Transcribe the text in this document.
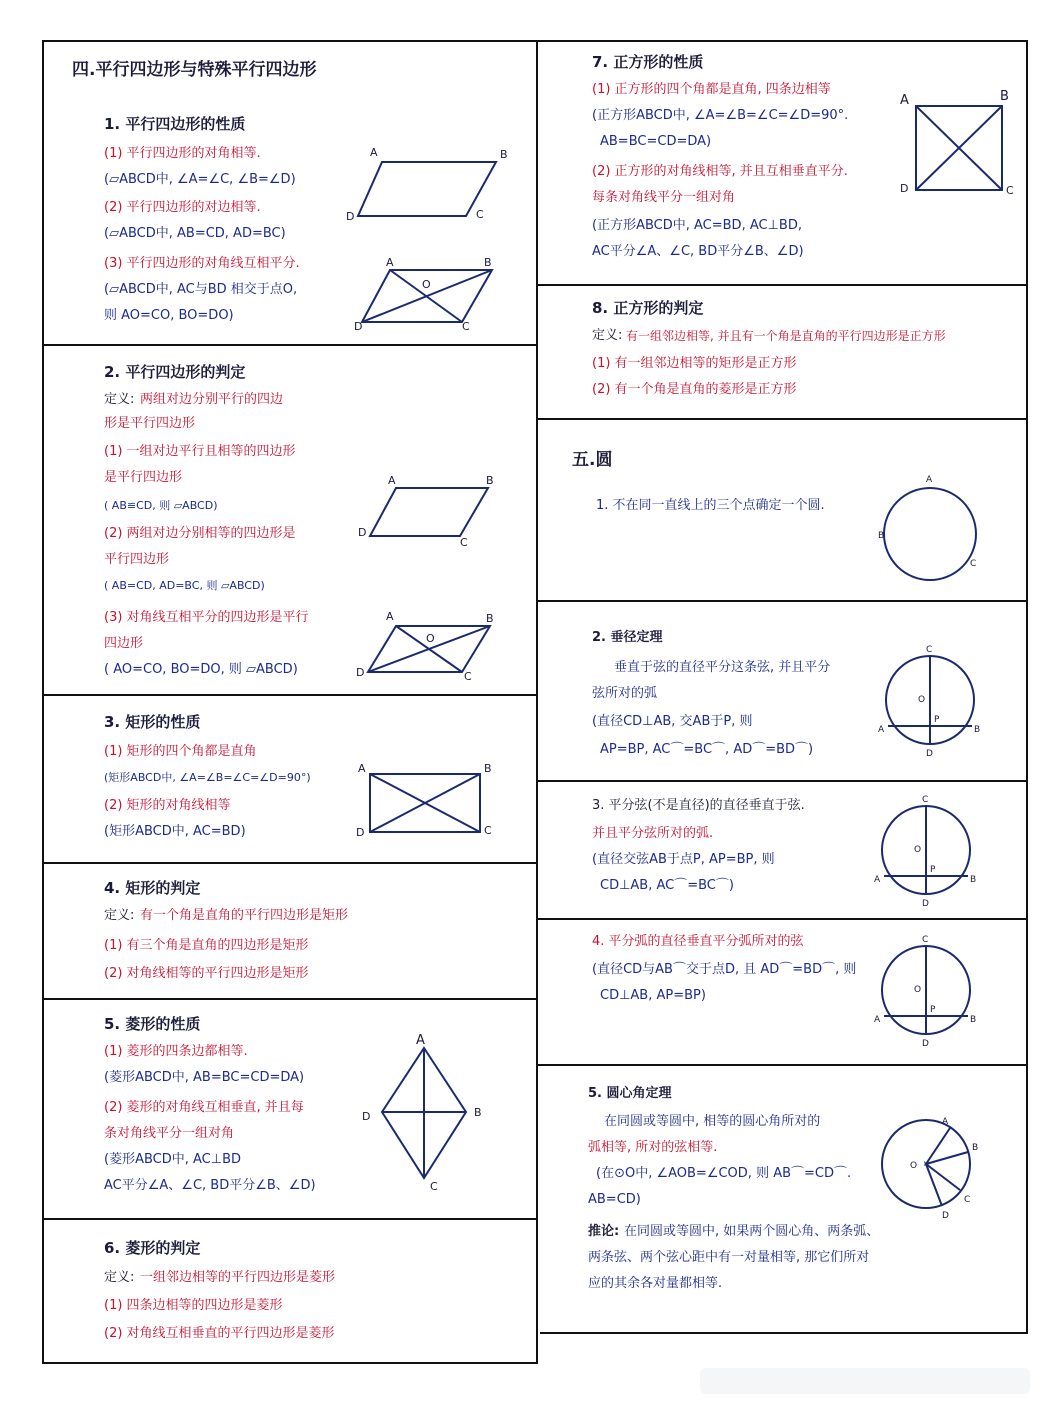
四.平行四边形与特殊平行四边形
1. 平行四边形的性质
(1) 平行四边形的对角相等.
(▱ABCD中, ∠A=∠C, ∠B=∠D)
(2) 平行四边形的对边相等.
(▱ABCD中, AB=CD, AD=BC)
(3) 平行四边形的对角线互相平分.
(▱ABCD中, AC与BD 相交于点O,
则 AO=CO, BO=DO)
A	B
C
D
A	B
C
D
O
2. 平行四边形的判定
定义: 两组对边分别平行的四边
形是平行四边形
(1) 一组对边平行且相等的四边形
是平行四边形
( AB≌CD, 则 ▱ABCD)
(2) 两组对边分别相等的四边形是
平行四边形
( AB=CD, AD=BC, 则 ▱ABCD)
(3) 对角线互相平分的四边形是平行
四边形
( AO=CO, BO=DO, 则 ▱ABCD)
A	B
C
D
A	B
C
D
O
3. 矩形的性质
(1) 矩形的四个角都是直角
(矩形ABCD中, ∠A=∠B=∠C=∠D=90°)
(2) 矩形的对角线相等
(矩形ABCD中, AC=BD)
A	B
C
D
4. 矩形的判定
定义: 有一个角是直角的平行四边形是矩形
(1) 有三个角是直角的四边形是矩形
(2) 对角线相等的平行四边形是矩形
5. 菱形的性质
(1) 菱形的四条边都相等.
(菱形ABCD中, AB=BC=CD=DA)
(2) 菱形的对角线互相垂直, 并且每
条对角线平分一组对角
(菱形ABCD中, AC⊥BD
AC平分∠A、∠C, BD平分∠B、∠D)
A
B
C
D
6. 菱形的判定
定义: 一组邻边相等的平行四边形是菱形
(1) 四条边相等的四边形是菱形
(2) 对角线互相垂直的平行四边形是菱形
7. 正方形的性质
(1) 正方形的四个角都是直角, 四条边相等
(正方形ABCD中, ∠A=∠B=∠C=∠D=90°.
AB=BC=CD=DA)
(2) 正方形的对角线相等, 并且互相垂直平分.
每条对角线平分一组对角
(正方形ABCD中, AC=BD, AC⊥BD,
AC平分∠A、∠C, BD平分∠B、∠D)
A	B
C
D
8. 正方形的判定
定义: 有一组邻边相等, 并且有一个角是直角的平行四边形是正方形
(1) 有一组邻边相等的矩形是正方形
(2) 有一个角是直角的菱形是正方形
五.圆
1. 不在同一直线上的三个点确定一个圆.
A
B
C
2. 垂径定理
垂直于弦的直径平分这条弦, 并且平分
弦所对的弧
(直径CD⊥AB, 交AB于P, 则
AP=BP, AC⌒=BC⌒, AD⌒=BD⌒)
C
O
P
A	B
D
3. 平分弦(不是直径)的直径垂直于弦.
并且平分弦所对的弧.
(直径交弦AB于点P, AP=BP, 则
CD⊥AB, AC⌒=BC⌒)
C
O
P
A	B
D
4. 平分弧的直径垂直平分弧所对的弦
(直径CD与AB⌒交于点D, 且 AD⌒=BD⌒, 则
CD⊥AB, AP=BP)
C
O
P
A	B
D
5. 圆心角定理
在同圆或等圆中, 相等的圆心角所对的
弧相等, 所对的弦相等.
(在⊙O中, ∠AOB=∠COD, 则 AB⌒=CD⌒.
AB=CD)
推论: 在同圆或等圆中, 如果两个圆心角、两条弧、
两条弦、两个弦心距中有一对量相等, 那它们所对
应的其余各对量都相等.
A
B
C
D
O
